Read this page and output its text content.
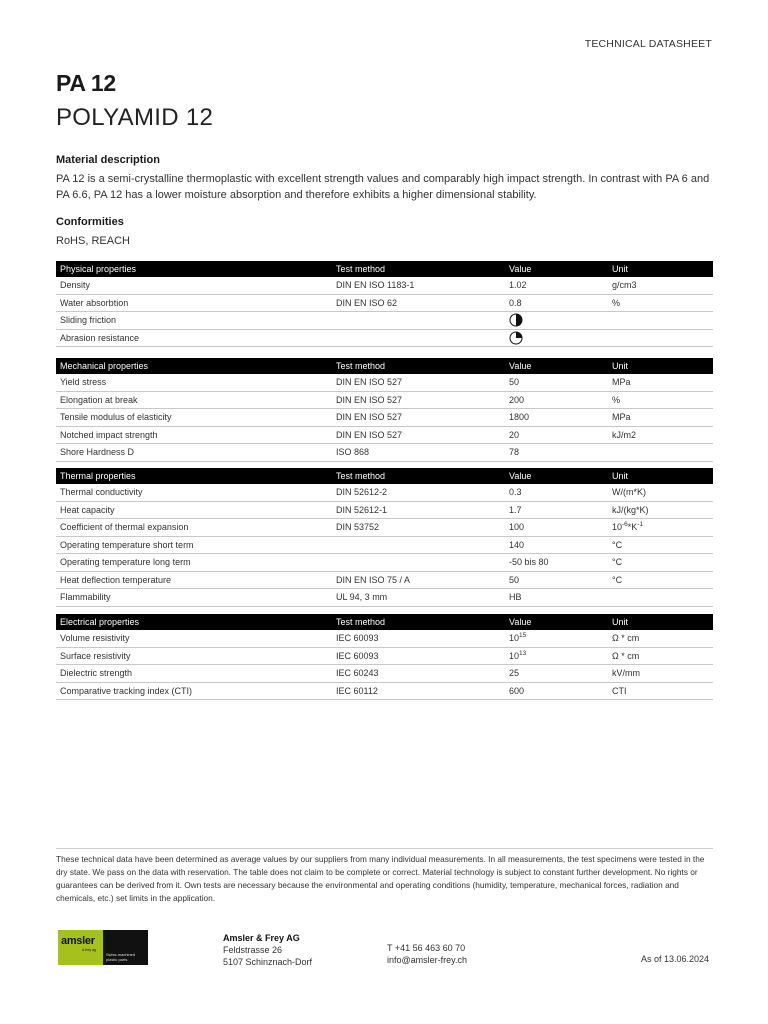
TECHNICAL DATASHEET
PA 12
POLYAMID 12
Material description
PA 12 is a semi-crystalline thermoplastic with excellent strength values and comparably high impact strength. In contrast with PA 6 and PA 6.6, PA 12 has a lower moisture absorption and therefore exhibits a higher dimensional stability.
Conformities
RoHS, REACH
Physical properties	Test method	Value	Unit
Density	DIN EN ISO 1183-1	1.02	g/cm3
Water absorbtion	DIN EN ISO 62	0.8	%
Sliding friction			
Abrasion resistance			
Mechanical properties	Test method	Value	Unit
Yield stress	DIN EN ISO 527	50	MPa
Elongation at break	DIN EN ISO 527	200	%
Tensile modulus of elasticity	DIN EN ISO 527	1800	MPa
Notched impact strength	DIN EN ISO 527	20	kJ/m2
Shore Hardness D	ISO 868	78	
Thermal properties	Test method	Value	Unit
Thermal conductivity	DIN 52612-2	0.3	W/(m*K)
Heat capacity	DIN 52612-1	1.7	kJ/(kg*K)
Coefficient of thermal expansion	DIN 53752	100	$10^{-6}*K^{-1}$
Operating temperature short term		140	°C
Operating temperature long term		-50 bis 80	°C
Heat deflection temperature	DIN EN ISO 75 / A	50	°C
Flammability	UL 94, 3 mm	HB	
Electrical properties	Test method	Value	Unit
Volume resistivity	IEC 60093	$10^{15}$	Ω * cm
Surface resistivity	IEC 60093	$10^{13}$	Ω * cm
Dielectric strength	IEC 60243	25	kV/mm
Comparative tracking index (CTI)	IEC 60112	600	CTI
These technical data have been determined as average values by our suppliers from many individual measurements. In all measurements, the test specimens were tested in the dry state. We pass on the data with reservation. The table does not claim to be complete or correct. Material technology is subject to constant further development. No rights or guarantees can be derived from it. Own tests are necessary because the environmental and operating conditions (humidity, temperature, mechanical forces, radiation and chemicals, etc.) set limits in the application.
amsler
& frey ag
Swiss-machined
plastic parts
Amsler & Frey AG
Feldstrasse 26
5107 Schinznach-Dorf
T +41 56 463 60 70
info@amsler-frey.ch	As of 13.06.2024
